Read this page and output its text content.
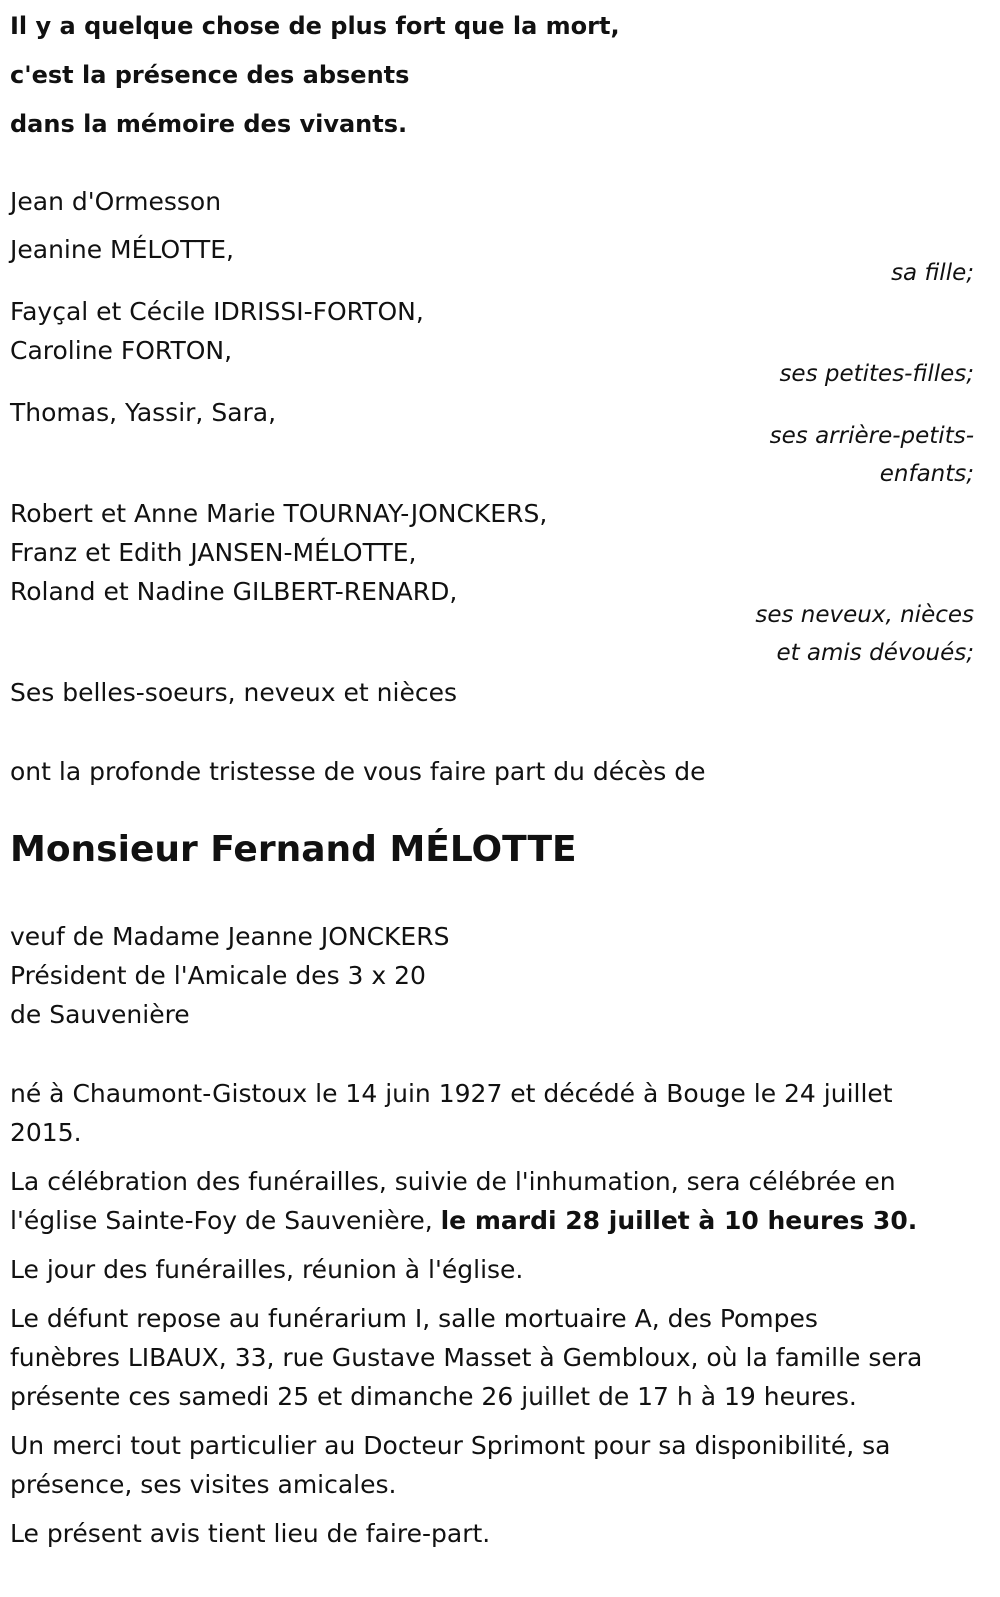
Il y a quelque chose de plus fort que la mort,
c'est la présence des absents
dans la mémoire des vivants.
Jean d'Ormesson
Jeanine MÉLOTTE,
sa fille;
Fayçal et Cécile IDRISSI-FORTON,
Caroline FORTON,
ses petites-filles;
Thomas, Yassir, Sara,
ses arrière-petits-
enfants;
Robert et Anne Marie TOURNAY-JONCKERS,
Franz et Edith JANSEN-MÉLOTTE,
Roland et Nadine GILBERT-RENARD,
ses neveux, nièces
et amis dévoués;
Ses belles-soeurs, neveux et nièces
ont la profonde tristesse de vous faire part du décès de
Monsieur Fernand MÉLOTTE
veuf de Madame Jeanne JONCKERS
Président de l'Amicale des 3 x 20
de Sauvenière
né à Chaumont-Gistoux le 14 juin 1927 et décédé à Bouge le 24 juillet
2015.
La célébration des funérailles, suivie de l'inhumation, sera célébrée en
l'église Sainte-Foy de Sauvenière, le mardi 28 juillet à 10 heures 30.
Le jour des funérailles, réunion à l'église.
Le défunt repose au funérarium I, salle mortuaire A, des Pompes
funèbres LIBAUX, 33, rue Gustave Masset à Gembloux, où la famille sera
présente ces samedi 25 et dimanche 26 juillet de 17 h à 19 heures.
Un merci tout particulier au Docteur Sprimont pour sa disponibilité, sa
présence, ses visites amicales.
Le présent avis tient lieu de faire-part.
